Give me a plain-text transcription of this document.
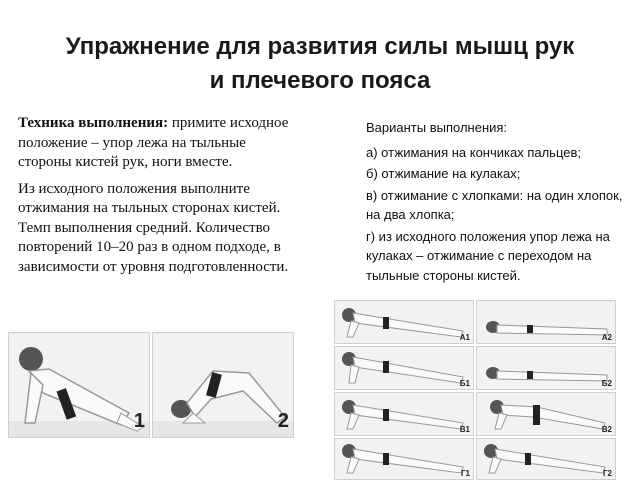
Упражнение для развития силы мышц рук
и плечевого пояса

Техника выполнения: примите исходное положение – упор лежа на тыльные стороны кистей рук, ноги вместе.

Из исходного положения выполните отжимания на тыльных сторонах кистей. Темп выполнения средний. Количество повторений 10–20 раз в одном подходе, в зависимости от уровня подготовленности.

Варианты выполнения:

а) отжимания на кончиках пальцев;

б) отжимание на кулаках;

в) отжимание с хлопками: на один хлопок, на два хлопка;

г) из исходного положения упор лежа на кулаках – отжимание с переходом на тыльные стороны кистей.

1	2
А1	А2
Б1	Б2
В1	В2
Г1	Г2
